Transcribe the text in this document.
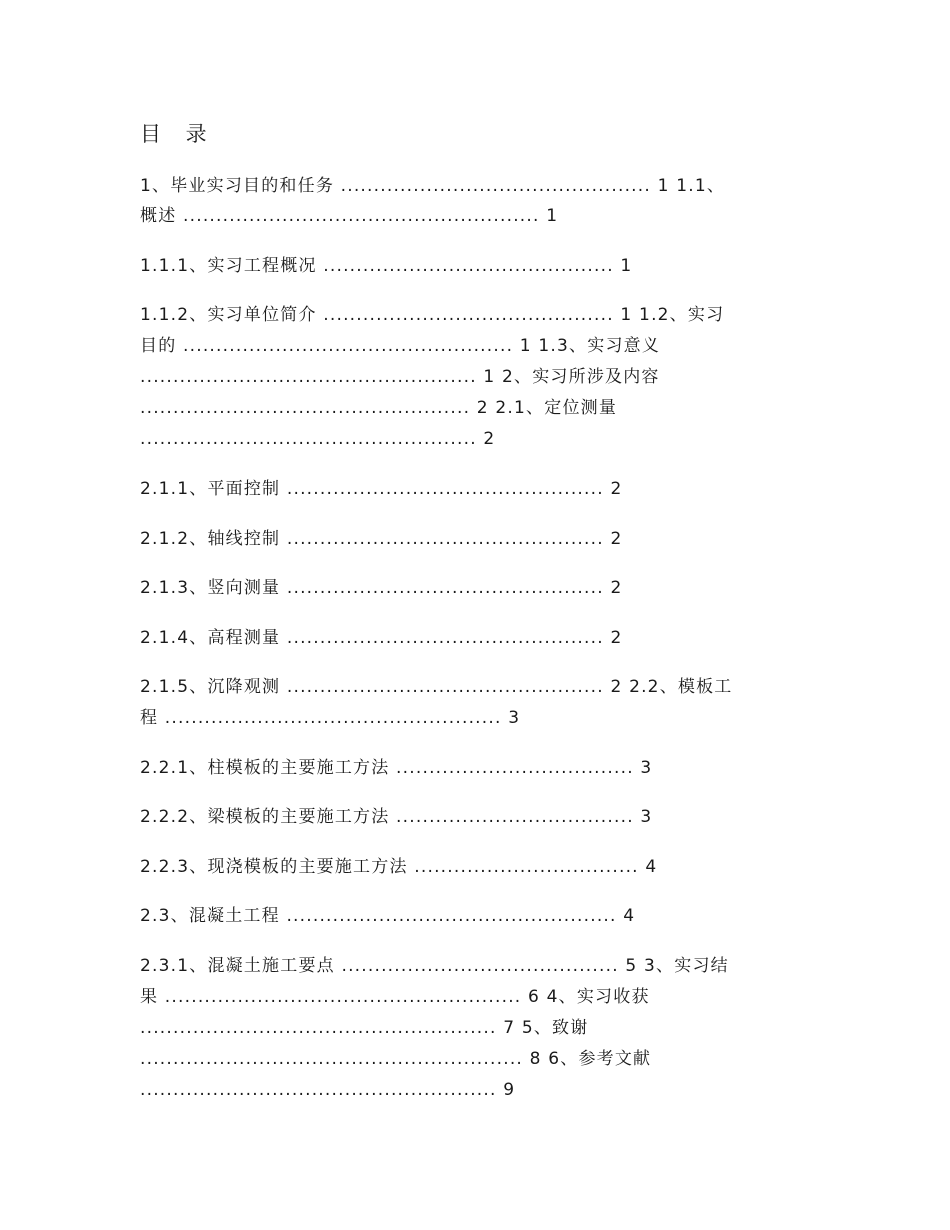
目 录
1、毕业实习目的和任务 ............................................... 1 1.1、
概述 ...................................................... 1
1.1.1、实习工程概况 ............................................ 1
1.1.2、实习单位简介 ............................................ 1 1.2、实习
目的 .................................................. 1 1.3、实习意义
................................................... 1 2、实习所涉及内容
.................................................. 2 2.1、定位测量
................................................... 2
2.1.1、平面控制 ................................................ 2
2.1.2、轴线控制 ................................................ 2
2.1.3、竖向测量 ................................................ 2
2.1.4、高程测量 ................................................ 2
2.1.5、沉降观测 ................................................ 2 2.2、模板工
程 ................................................... 3
2.2.1、柱模板的主要施工方法 .................................... 3
2.2.2、梁模板的主要施工方法 .................................... 3
2.2.3、现浇模板的主要施工方法 .................................. 4
2.3、混凝土工程 .................................................. 4
2.3.1、混凝土施工要点 .......................................... 5 3、实习结
果 ...................................................... 6 4、实习收获
...................................................... 7 5、致谢
.......................................................... 8 6、参考文献
...................................................... 9
